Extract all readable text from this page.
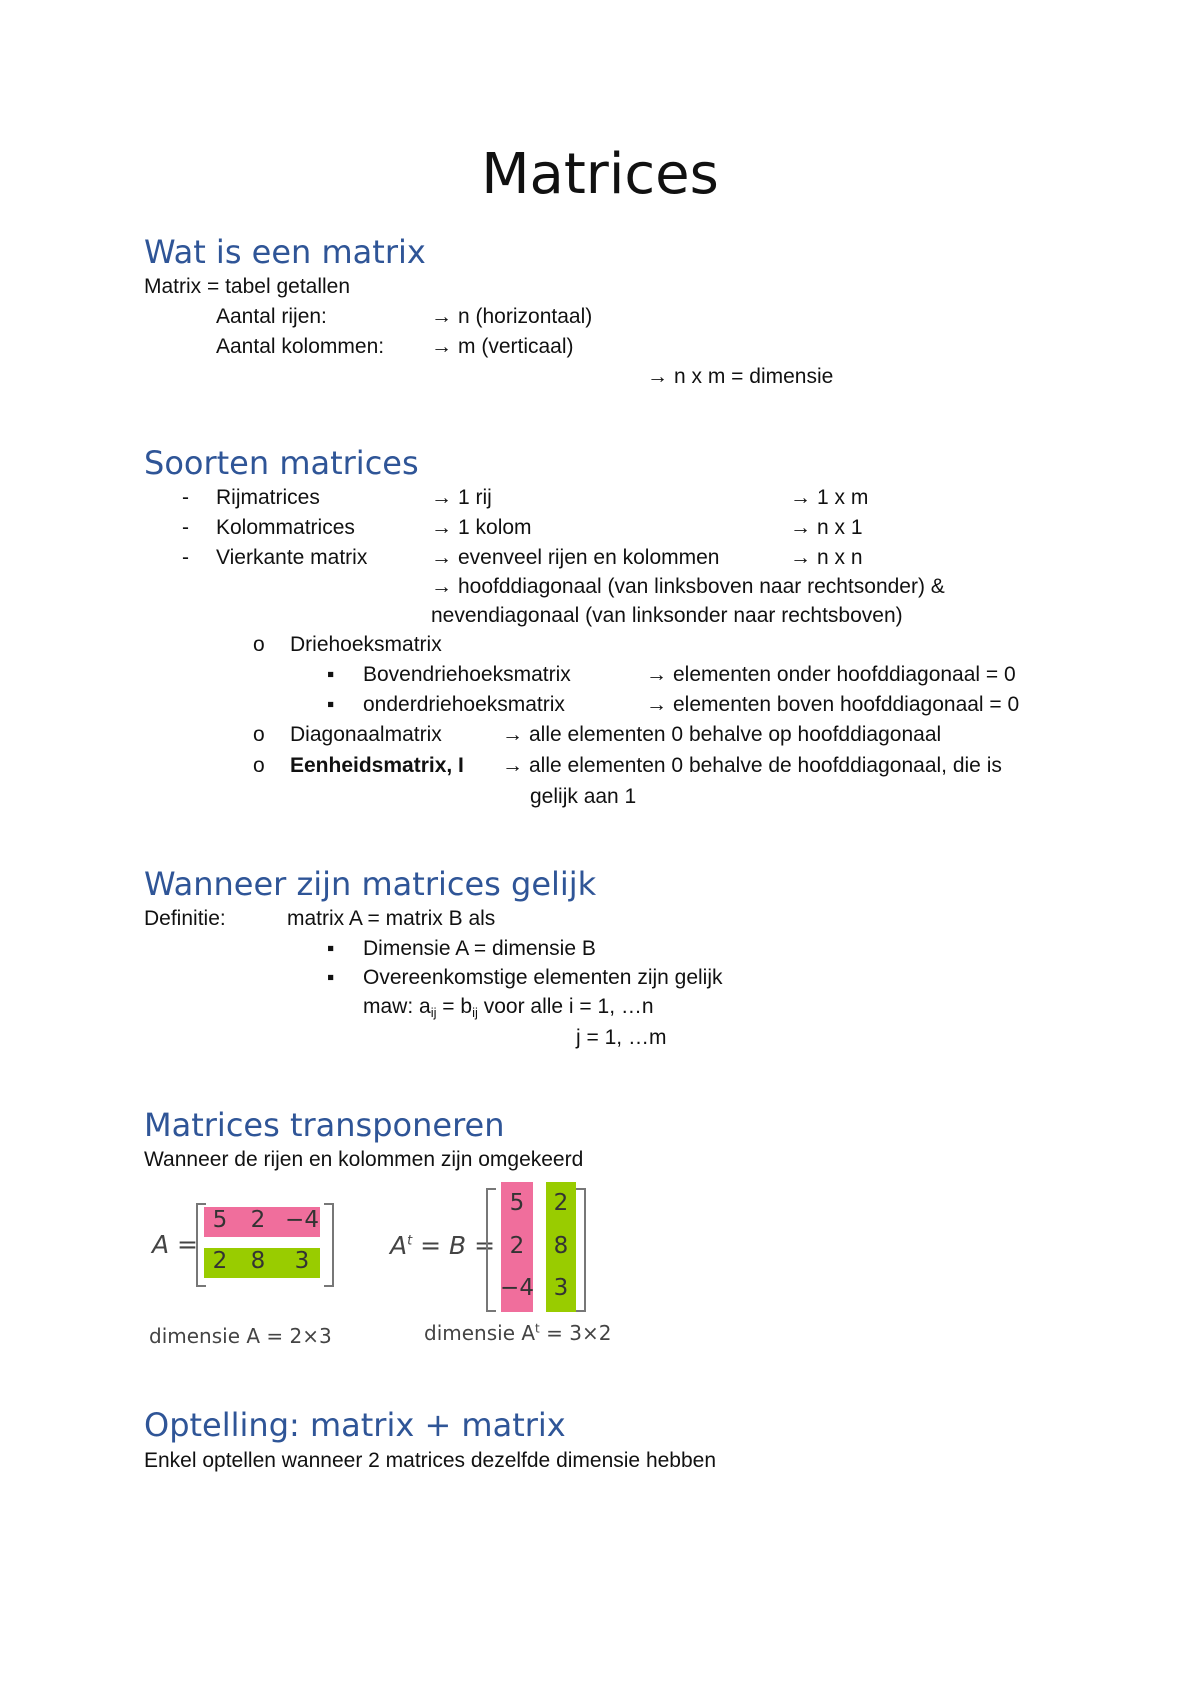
Matrices
Wat is een matrix
Matrix = tabel getallen
Aantal rijen:	→ n (horizontaal)
Aantal kolommen: → m (verticaal)
→ n x m = dimensie
Soorten matrices
- Rijmatrices	→ 1 rij	→ 1 x m
- Kolommatrices	→ 1 kolom	→ n x 1
- Vierkante matrix	→ evenveel rijen en kolommen	→ n x n
→ hoofddiagonaal (van linksboven naar rechtsonder) &
nevendiagonaal (van linksonder naar rechtsboven)
o Driehoeksmatrix
▪ Bovendriehoeksmatrix	→ elementen onder hoofddiagonaal = 0
▪ onderdriehoeksmatrix	→ elementen boven hoofddiagonaal = 0
o Diagonaalmatrix	→ alle elementen 0 behalve op hoofddiagonaal
o Eenheidsmatrix, I → alle elementen 0 behalve de hoofddiagonaal, die is
gelijk aan 1
Wanneer zijn matrices gelijk
Definitie:	matrix A = matrix B als
▪ Dimensie A = dimensie B
▪ Overeenkomstige elementen zijn gelijk
maw: $a_{ij} = b_{ij}$ voor alle i = 1, …n
j = 1, …m
Matrices transponeren
Wanneer de rijen en kolommen zijn omgekeerd
A =
5	2 −4
2	8	3
$A^t = B$ =
5	2
2	8
−4 3
dimensie A = 2×3	dimensie $A^t = 3\times 2$
Optelling: matrix + matrix
Enkel optellen wanneer 2 matrices dezelfde dimensie hebben
